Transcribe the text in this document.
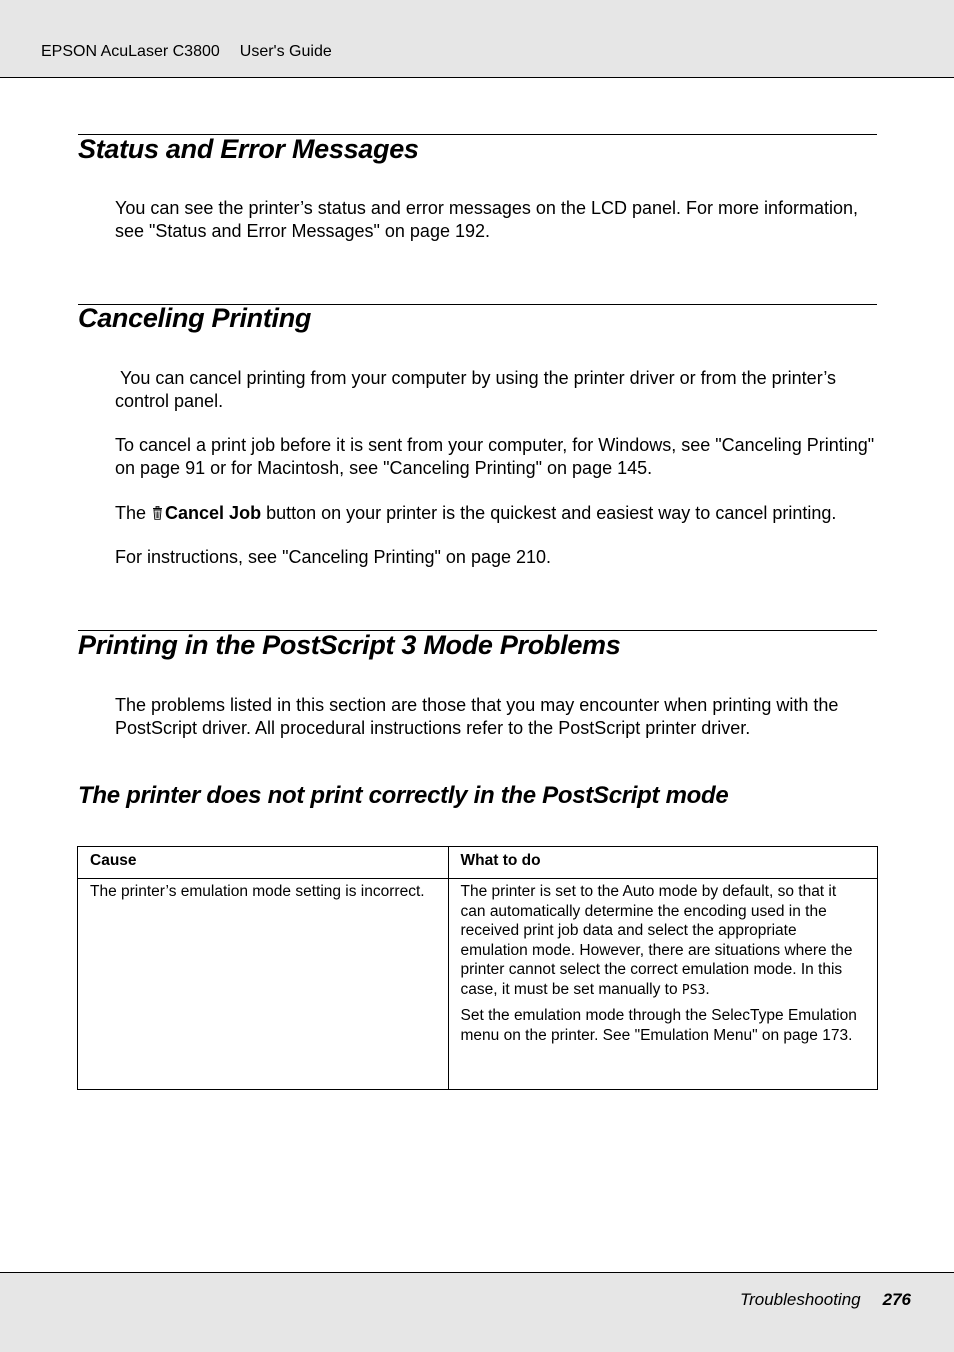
EPSON AcuLaser C3800 User's Guide
Status and Error Messages

You can see the printer’s status and error messages on the LCD panel. For more information, see "Status and Error Messages" on page 192.

Canceling Printing

You can cancel printing from your computer by using the printer driver or from the printer’s control panel.

To cancel a print job before it is sent from your computer, for Windows, see "Canceling Printing" on page 91 or for Macintosh, see "Canceling Printing" on page 145.

The Cancel Job button on your printer is the quickest and easiest way to cancel printing.

For instructions, see "Canceling Printing" on page 210.

Printing in the PostScript 3 Mode Problems

The problems listed in this section are those that you may encounter when printing with the PostScript driver. All procedural instructions refer to the PostScript printer driver.

The printer does not print correctly in the PostScript mode
Cause	What to do

The printer’s emulation mode setting is incorrect.	The printer is set to the Auto mode by default, so that it can automatically determine the encoding used in the received print job data and select the appropriate emulation mode. However, there are situations where the printer cannot select the correct emulation mode. In this case, it must be set manually to PS3.

Set the emulation mode through the SelecType Emulation menu on the printer. See "Emulation Menu" on page 173.

Troubleshooting 276
